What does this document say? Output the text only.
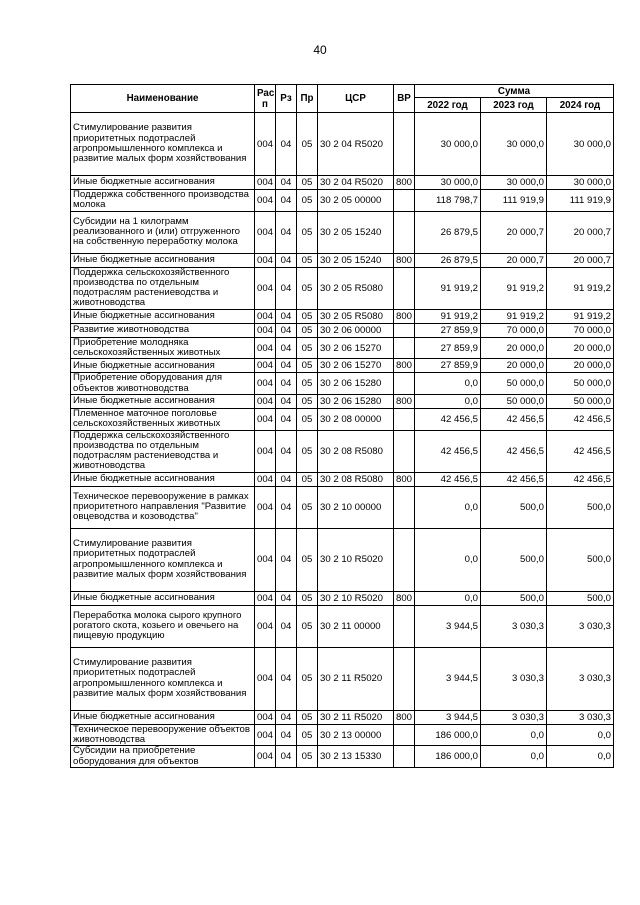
40
Наименование	Рас п	Рз	Пр	ЦСР	ВР	Сумма		
						2022 год	2023 год	2024 год
Стимулирование развития приоритетных подотраслей агропромышленного комплекса и развитие малых форм хозяйствования	004	04	05	30 2 04 R5020		30 000,0	30 000,0	30 000,0
Иные бюджетные ассигнования	004	04	05	30 2 04 R5020	800	30 000,0	30 000,0	30 000,0
Поддержка собственного производства молока	004	04	05	30 2 05 00000		118 798,7	111 919,9	111 919,9
Субсидии на 1 килограмм реализованного и (или) отгруженного на собственную переработку молока	004	04	05	30 2 05 15240		26 879,5	20 000,7	20 000,7
Иные бюджетные ассигнования	004	04	05	30 2 05 15240	800	26 879,5	20 000,7	20 000,7
Поддержка сельскохозяйственного производства по отдельным подотраслям растениеводства и животноводства	004	04	05	30 2 05 R5080		91 919,2	91 919,2	91 919,2
Иные бюджетные ассигнования	004	04	05	30 2 05 R5080	800	91 919,2	91 919,2	91 919,2
Развитие животноводства	004	04	05	30 2 06 00000		27 859,9	70 000,0	70 000,0
Приобретение молодняка сельскохозяйственных животных	004	04	05	30 2 06 15270		27 859,9	20 000,0	20 000,0
Иные бюджетные ассигнования	004	04	05	30 2 06 15270	800	27 859,9	20 000,0	20 000,0
Приобретение оборудования для объектов животноводства	004	04	05	30 2 06 15280		0,0	50 000,0	50 000,0
Иные бюджетные ассигнования	004	04	05	30 2 06 15280	800	0,0	50 000,0	50 000,0
Племенное маточное поголовье сельскохозяйственных животных	004	04	05	30 2 08 00000		42 456,5	42 456,5	42 456,5
Поддержка сельскохозяйственного производства по отдельным подотраслям растениеводства и животноводства	004	04	05	30 2 08 R5080		42 456,5	42 456,5	42 456,5
Иные бюджетные ассигнования	004	04	05	30 2 08 R5080	800	42 456,5	42 456,5	42 456,5
Техническое перевооружение в рамках приоритетного направления "Развитие овцеводства и козоводства"	004	04	05	30 2 10 00000		0,0	500,0	500,0
Стимулирование развития приоритетных подотраслей агропромышленного комплекса и развитие малых форм хозяйствования	004	04	05	30 2 10 R5020		0,0	500,0	500,0
Иные бюджетные ассигнования	004	04	05	30 2 10 R5020	800	0,0	500,0	500,0
Переработка молока сырого крупного рогатого скота, козьего и овечьего на пищевую продукцию	004	04	05	30 2 11 00000		3 944,5	3 030,3	3 030,3
Стимулирование развития приоритетных подотраслей агропромышленного комплекса и развитие малых форм хозяйствования	004	04	05	30 2 11 R5020		3 944,5	3 030,3	3 030,3
Иные бюджетные ассигнования	004	04	05	30 2 11 R5020	800	3 944,5	3 030,3	3 030,3
Техническое перевооружение объектов животноводства	004	04	05	30 2 13 00000		186 000,0	0,0	0,0
Субсидии на приобретение оборудования для объектов	004	04	05	30 2 13 15330		186 000,0	0,0	0,0
